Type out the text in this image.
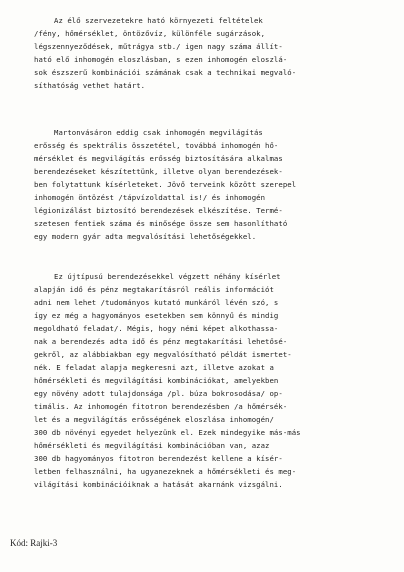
Az élő szervezetekre ható környezeti feltételek
/fény, hőmérséklet, öntözővíz, különféle sugárzások,
légszennyeződések, műtrágya stb./ igen nagy száma állít-
ható elő inhomogén eloszlásban, s ezen inhomogén eloszlá-
sok észszerű kombinációi számának csak a technikai megvaló-
síthatóság vethet határt.
Martonvásáron eddig csak inhomogén megvilágítás
erősség és spektrális összetétel, továbbá inhomogén hő-
mérséklet és megvilágítás erősség biztosítására alkalmas
berendezéseket készítettünk, illetve olyan berendezések-
ben folytattunk kísérleteket. Jövő terveink között szerepel
inhomogén öntözést /tápvízoldattal is!/ és inhomogén
légionizálást biztosító berendezések elkészítése. Termé-
szetesen fentiek száma és minősége össze sem hasonlítható
egy modern gyár adta megvalósítási lehetőségekkel.
Ez újtípusú berendezésekkel végzett néhány kísérlet
alapján idő és pénz megtakarításról reális információt
adni nem lehet /tudományos kutató munkáról lévén szó, s
így ez még a hagyományos esetekben sem könnyű és mindig
megoldható feladat/. Mégis, hogy némi képet alkothassa-
nak a berendezés adta idő és pénz megtakarítási lehetősé-
gekről, az alábbiakban egy megvalósítható példát ismertet-
nék. E feladat alapja megkeresni azt, illetve azokat a
hőmérsékleti és megvilágítási kombinációkat, amelyekben
egy növény adott tulajdonsága /pl. búza bokrosodása/ op-
timális. Az inhomogén fitotron berendezésben /a hőmérsék-
let és a megvilágítás erősségének eloszlása inhomogén/
300 db növényi egyedet helyezünk el. Ezek mindegyike más-más
hőmérsékleti és megvilágítási kombinációban van, azaz
300 db hagyományos fitotron berendezést kellene a kísér-
letben felhasználni, ha ugyanezeknek a hőmérsékleti és meg-
világítási kombinációiknak a hatását akarnánk vizsgálni.
Kód: Rajki-3
